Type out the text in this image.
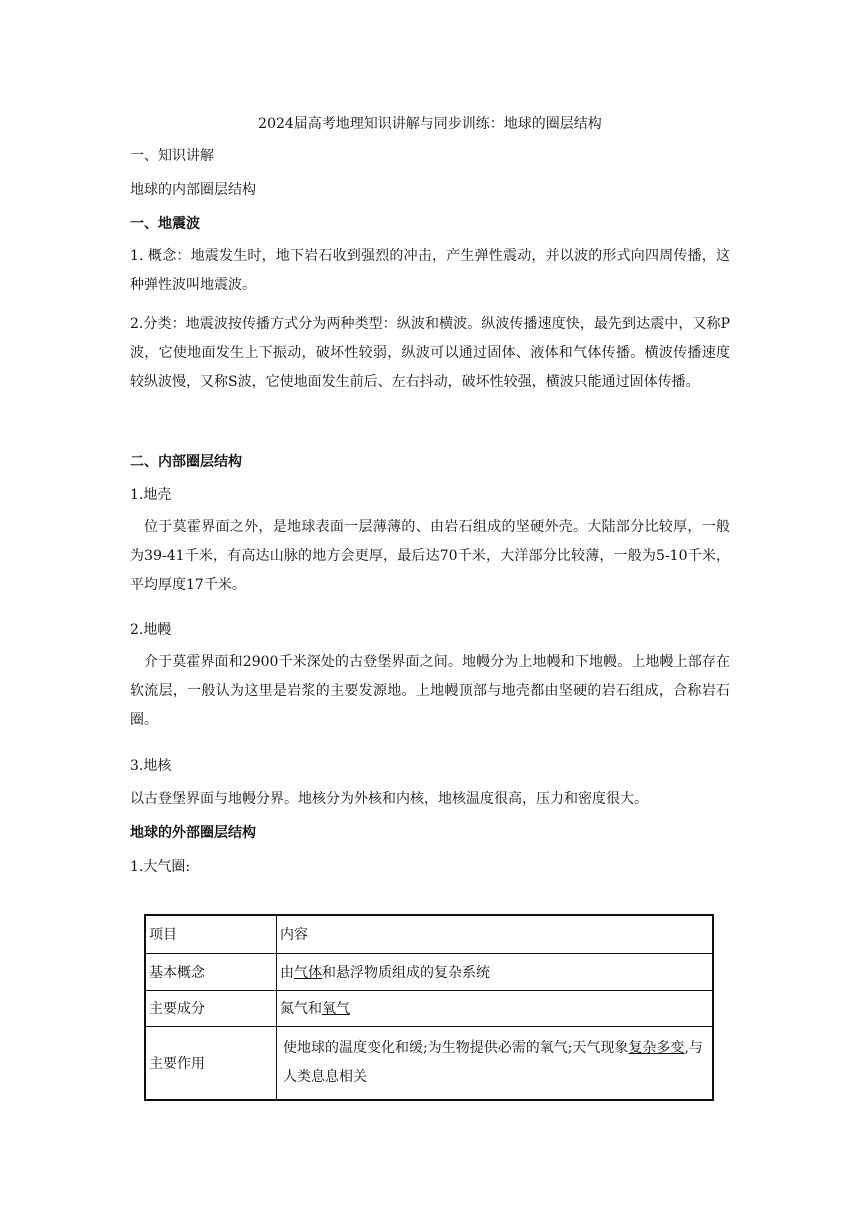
2024届高考地理知识讲解与同步训练：地球的圈层结构
一、知识讲解
地球的内部圈层结构
一、地震波
1. 概念：地震发生时，地下岩石收到强烈的冲击，产生弹性震动，并以波的形式向四周传播，这种弹性波叫地震波。
2.分类：地震波按传播方式分为两种类型：纵波和横波。纵波传播速度快，最先到达震中，又称P波，它使地面发生上下振动，破坏性较弱，纵波可以通过固体、液体和气体传播。横波传播速度较纵波慢，又称S波，它使地面发生前后、左右抖动，破坏性较强，横波只能通过固体传播。
二、内部圈层结构
1.地壳
位于莫霍界面之外，是地球表面一层薄薄的、由岩石组成的坚硬外壳。大陆部分比较厚，一般为39-41千米，有高达山脉的地方会更厚，最后达70千米，大洋部分比较薄，一般为5-10千米，平均厚度17千米。
2.地幔
介于莫霍界面和2900千米深处的古登堡界面之间。地幔分为上地幔和下地幔。上地幔上部存在软流层，一般认为这里是岩浆的主要发源地。上地幔顶部与地壳都由坚硬的岩石组成，合称岩石圈。
3.地核
以古登堡界面与地幔分界。地核分为外核和内核，地核温度很高，压力和密度很大。
地球的外部圈层结构
1.大气圈:
项目	内容
基本概念	由气体和悬浮物质组成的复杂系统
主要成分	氮气和氧气
主要作用	使地球的温度变化和缓;为生物提供必需的氧气;天气现象复杂多变,与人类息息相关
